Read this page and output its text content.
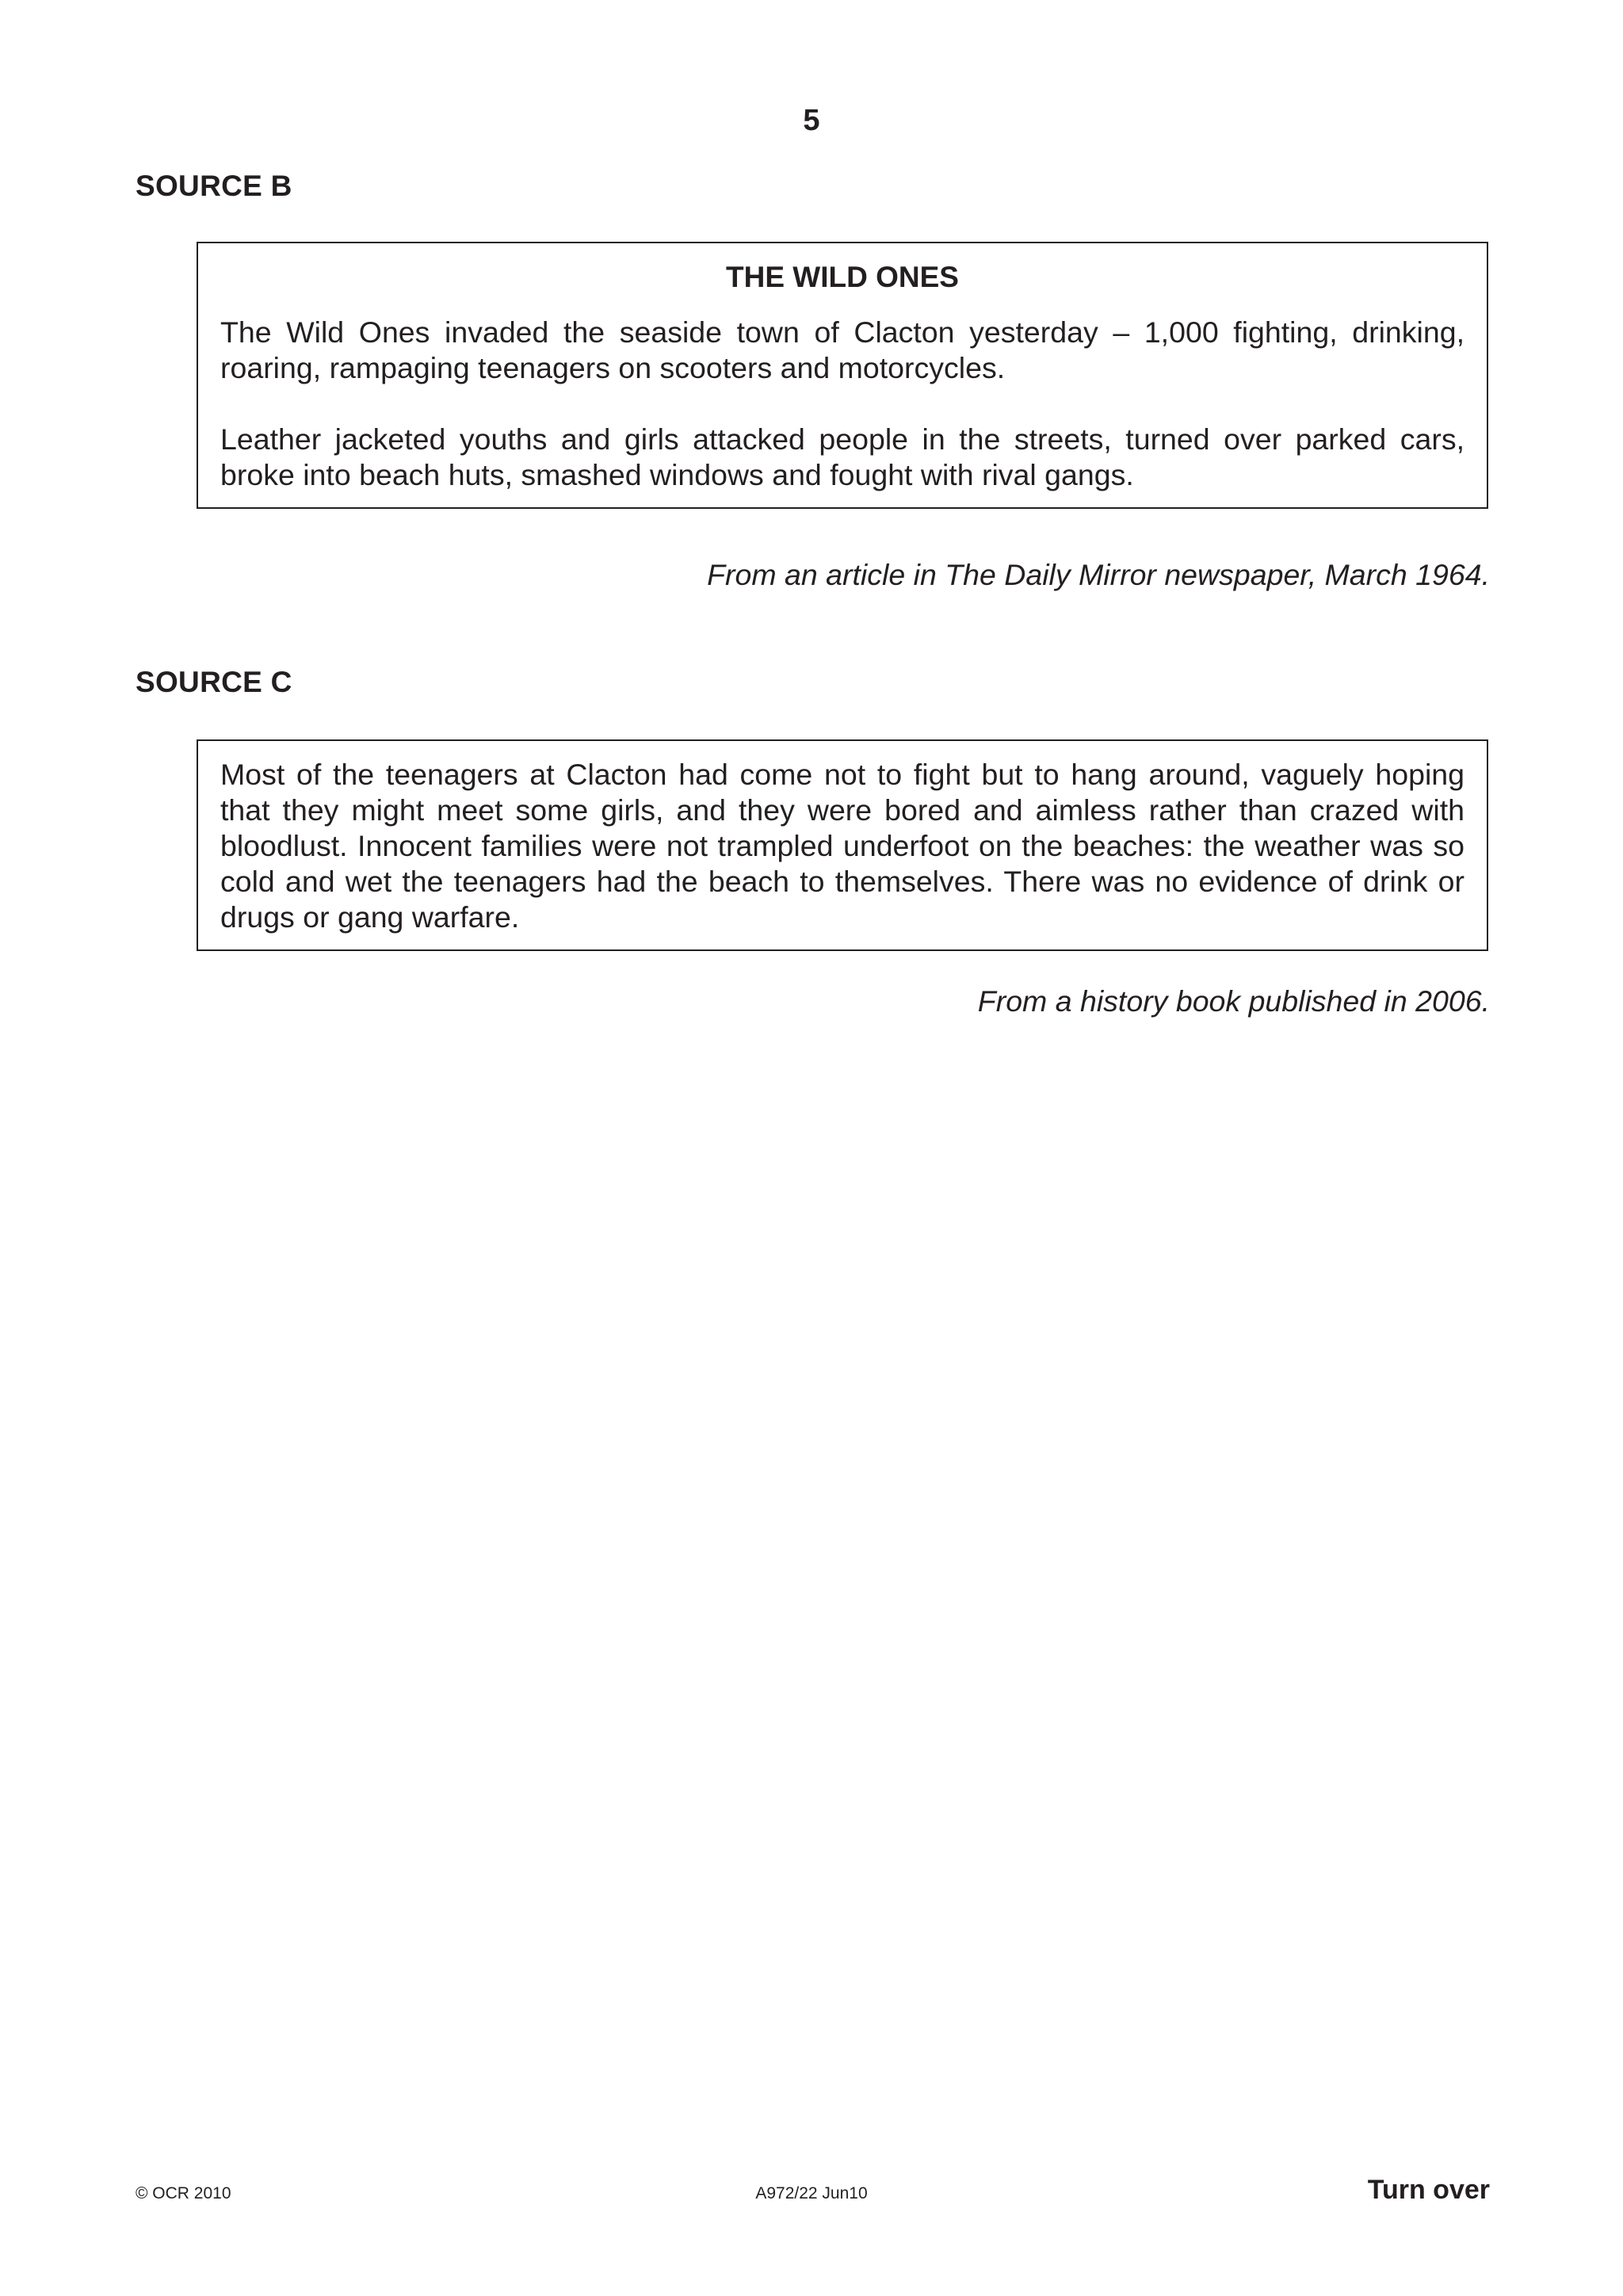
5
SOURCE B
THE WILD ONES

The Wild Ones invaded the seaside town of Clacton yesterday – 1,000 fighting, drinking, roaring, rampaging teenagers on scooters and motorcycles.

Leather jacketed youths and girls attacked people in the streets, turned over parked cars, broke into beach huts, smashed windows and fought with rival gangs.

From an article in The Daily Mirror newspaper, March 1964.
SOURCE C

Most of the teenagers at Clacton had come not to fight but to hang around, vaguely hoping that they might meet some girls, and they were bored and aimless rather than crazed with bloodlust. Innocent families were not trampled underfoot on the beaches: the weather was so cold and wet the teenagers had the beach to themselves. There was no evidence of drink or drugs or gang warfare.

From a history book published in 2006.
© OCR 2010	A972/22 Jun10	Turn over
